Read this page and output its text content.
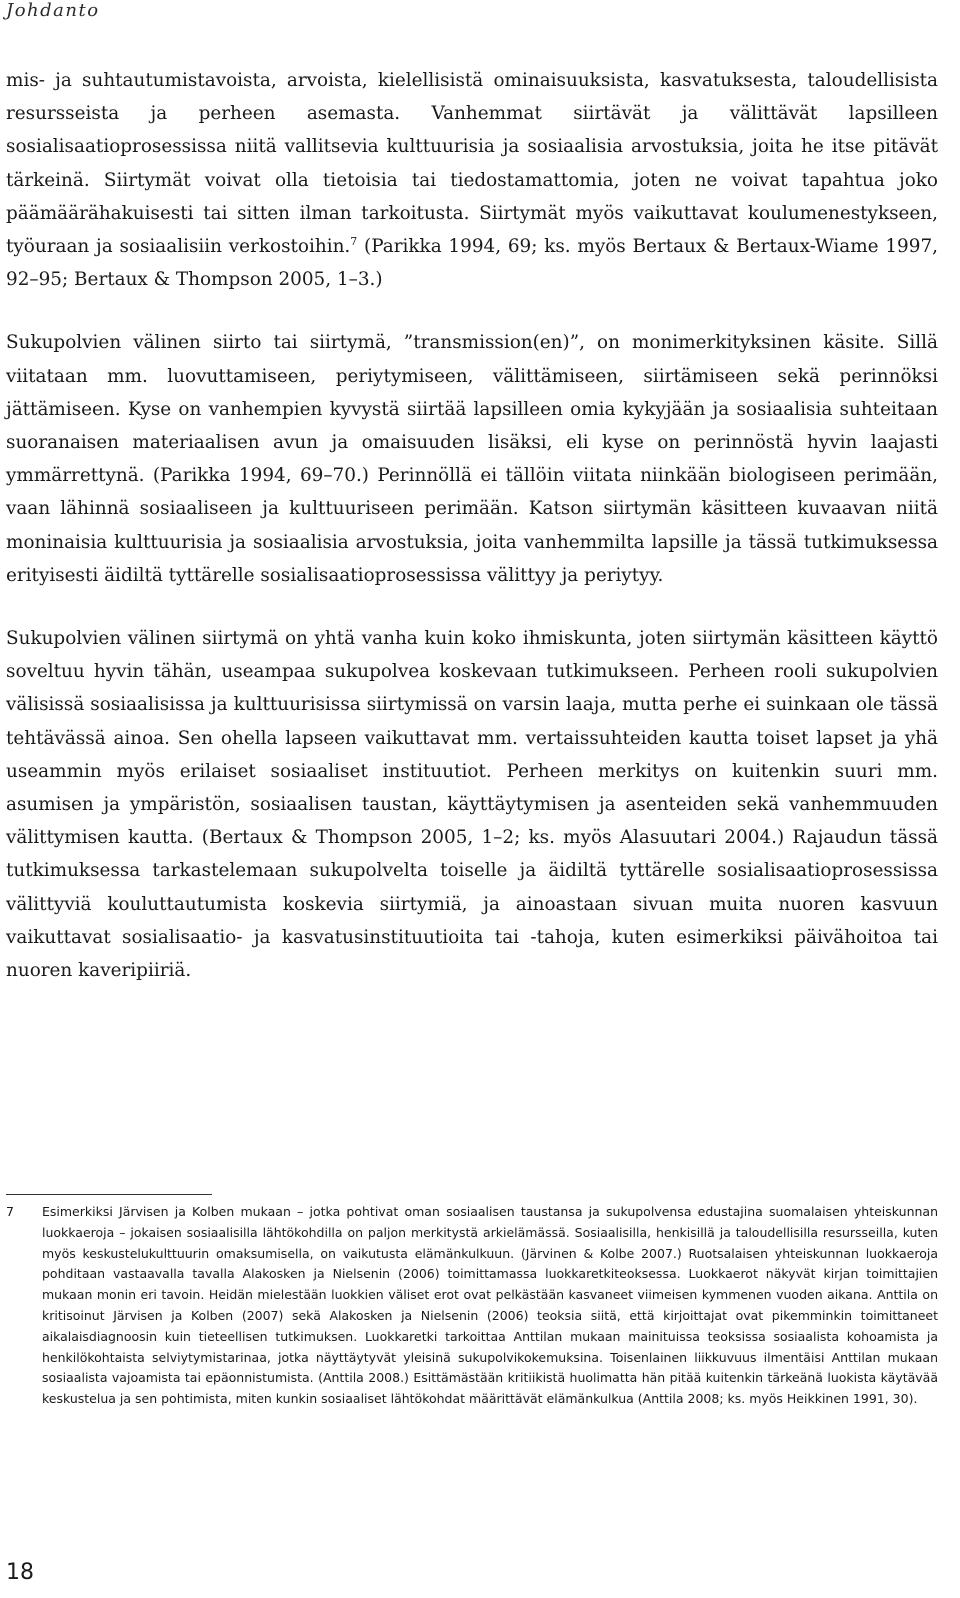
Johdanto

mis- ja suhtautumistavoista, arvoista, kielellisistä ominaisuuksista, kasvatuksesta, taloudellisista resursseista ja perheen asemasta. Vanhemmat siirtävät ja välittävät lapsilleen sosialisaatioprosessissa niitä vallitsevia kulttuurisia ja sosiaalisia arvostuksia, joita he itse pitävät tärkeinä. Siirtymät voivat olla tietoisia tai tiedostamattomia, joten ne voivat tapahtua joko päämäärähakuisesti tai sitten ilman tarkoitusta. Siirtymät myös vaikuttavat koulumenestykseen, työuraan ja sosiaalisiin verkostoihin.$^7$ (Parikka 1994, 69; ks. myös Bertaux & Bertaux-Wiame 1997, 92–95; Bertaux & Thompson 2005, 1–3.)

Sukupolvien välinen siirto tai siirtymä, ”transmission(en)”, on monimerkityksinen käsite. Sillä viitataan mm. luovuttamiseen, periytymiseen, välittämiseen, siirtämiseen sekä perinnöksi jättämiseen. Kyse on vanhempien kyvystä siirtää lapsilleen omia kykyjään ja sosiaalisia suhteitaan suoranaisen materiaalisen avun ja omaisuuden lisäksi, eli kyse on perinnöstä hyvin laajasti ymmärrettynä. (Parikka 1994, 69–70.) Perinnöllä ei tällöin viitata niinkään biologiseen perimään, vaan lähinnä sosiaaliseen ja kulttuuriseen perimään. Katson siirtymän käsitteen kuvaavan niitä moninaisia kulttuurisia ja sosiaalisia arvostuksia, joita vanhemmilta lapsille ja tässä tutkimuksessa erityisesti äidiltä tyttärelle sosialisaatioprosessissa välittyy ja periytyy.

Sukupolvien välinen siirtymä on yhtä vanha kuin koko ihmiskunta, joten siirtymän käsitteen käyttö soveltuu hyvin tähän, useampaa sukupolvea koskevaan tutkimukseen. Perheen rooli sukupolvien välisissä sosiaalisissa ja kulttuurisissa siirtymissä on varsin laaja, mutta perhe ei suinkaan ole tässä tehtävässä ainoa. Sen ohella lapseen vaikuttavat mm. vertaissuhteiden kautta toiset lapset ja yhä useammin myös erilaiset sosiaaliset instituutiot. Perheen merkitys on kuitenkin suuri mm. asumisen ja ympäristön, sosiaalisen taustan, käyttäytymisen ja asenteiden sekä vanhemmuuden välittymisen kautta. (Bertaux & Thompson 2005, 1–2; ks. myös Alasuutari 2004.) Rajaudun tässä tutkimuksessa tarkastelemaan sukupolvelta toiselle ja äidiltä tyttärelle sosialisaatioprosessissa välittyviä kouluttautumista koskevia siirtymiä, ja ainoastaan sivuan muita nuoren kasvuun vaikuttavat sosialisaatio- ja kasvatusinstituutioita tai -tahoja, kuten esimerkiksi päivähoitoa tai nuoren kaveripiiriä.

7	Esimerkiksi Järvisen ja Kolben mukaan – jotka pohtivat oman sosiaalisen taustansa ja sukupolvensa edustajina suomalaisen yhteiskunnan luokkaeroja – jokaisen sosiaalisilla lähtökohdilla on paljon merkitystä arkielämässä. Sosiaalisilla, henkisillä ja taloudellisilla resursseilla, kuten myös keskustelukulttuurin omaksumisella, on vaikutusta elämänkulkuun. (Järvinen & Kolbe 2007.) Ruotsalaisen yhteiskunnan luokkaeroja pohditaan vastaavalla tavalla Alakosken ja Nielsenin (2006) toimittamassa luokkaretkiteoksessa. Luokkaerot näkyvät kirjan toimittajien mukaan monin eri tavoin. Heidän mielestään luokkien väliset erot ovat pelkästään kasvaneet viimeisen kymmenen vuoden aikana. Anttila on kritisoinut Järvisen ja Kolben (2007) sekä Alakosken ja Nielsenin (2006) teoksia siitä, että kirjoittajat ovat pikemminkin toimittaneet aikalaisdiagnoosin kuin tieteellisen tutkimuksen. Luokkaretki tarkoittaa Anttilan mukaan mainituissa teoksissa sosiaalista kohoamista ja henkilökohtaista selviytymistarinaa, jotka näyttäytyvät yleisinä sukupolvikokemuksina. Toisenlainen liikkuvuus ilmentäisi Anttilan mukaan sosiaalista vajoamista tai epäonnistumista. (Anttila 2008.) Esittämästään kritiikistä huolimatta hän pitää kuitenkin tärkeänä luokista käytävää keskustelua ja sen pohtimista, miten kunkin sosiaaliset lähtökohdat määrittävät elämänkulkua (Anttila 2008; ks. myös Heikkinen 1991, 30).
18
